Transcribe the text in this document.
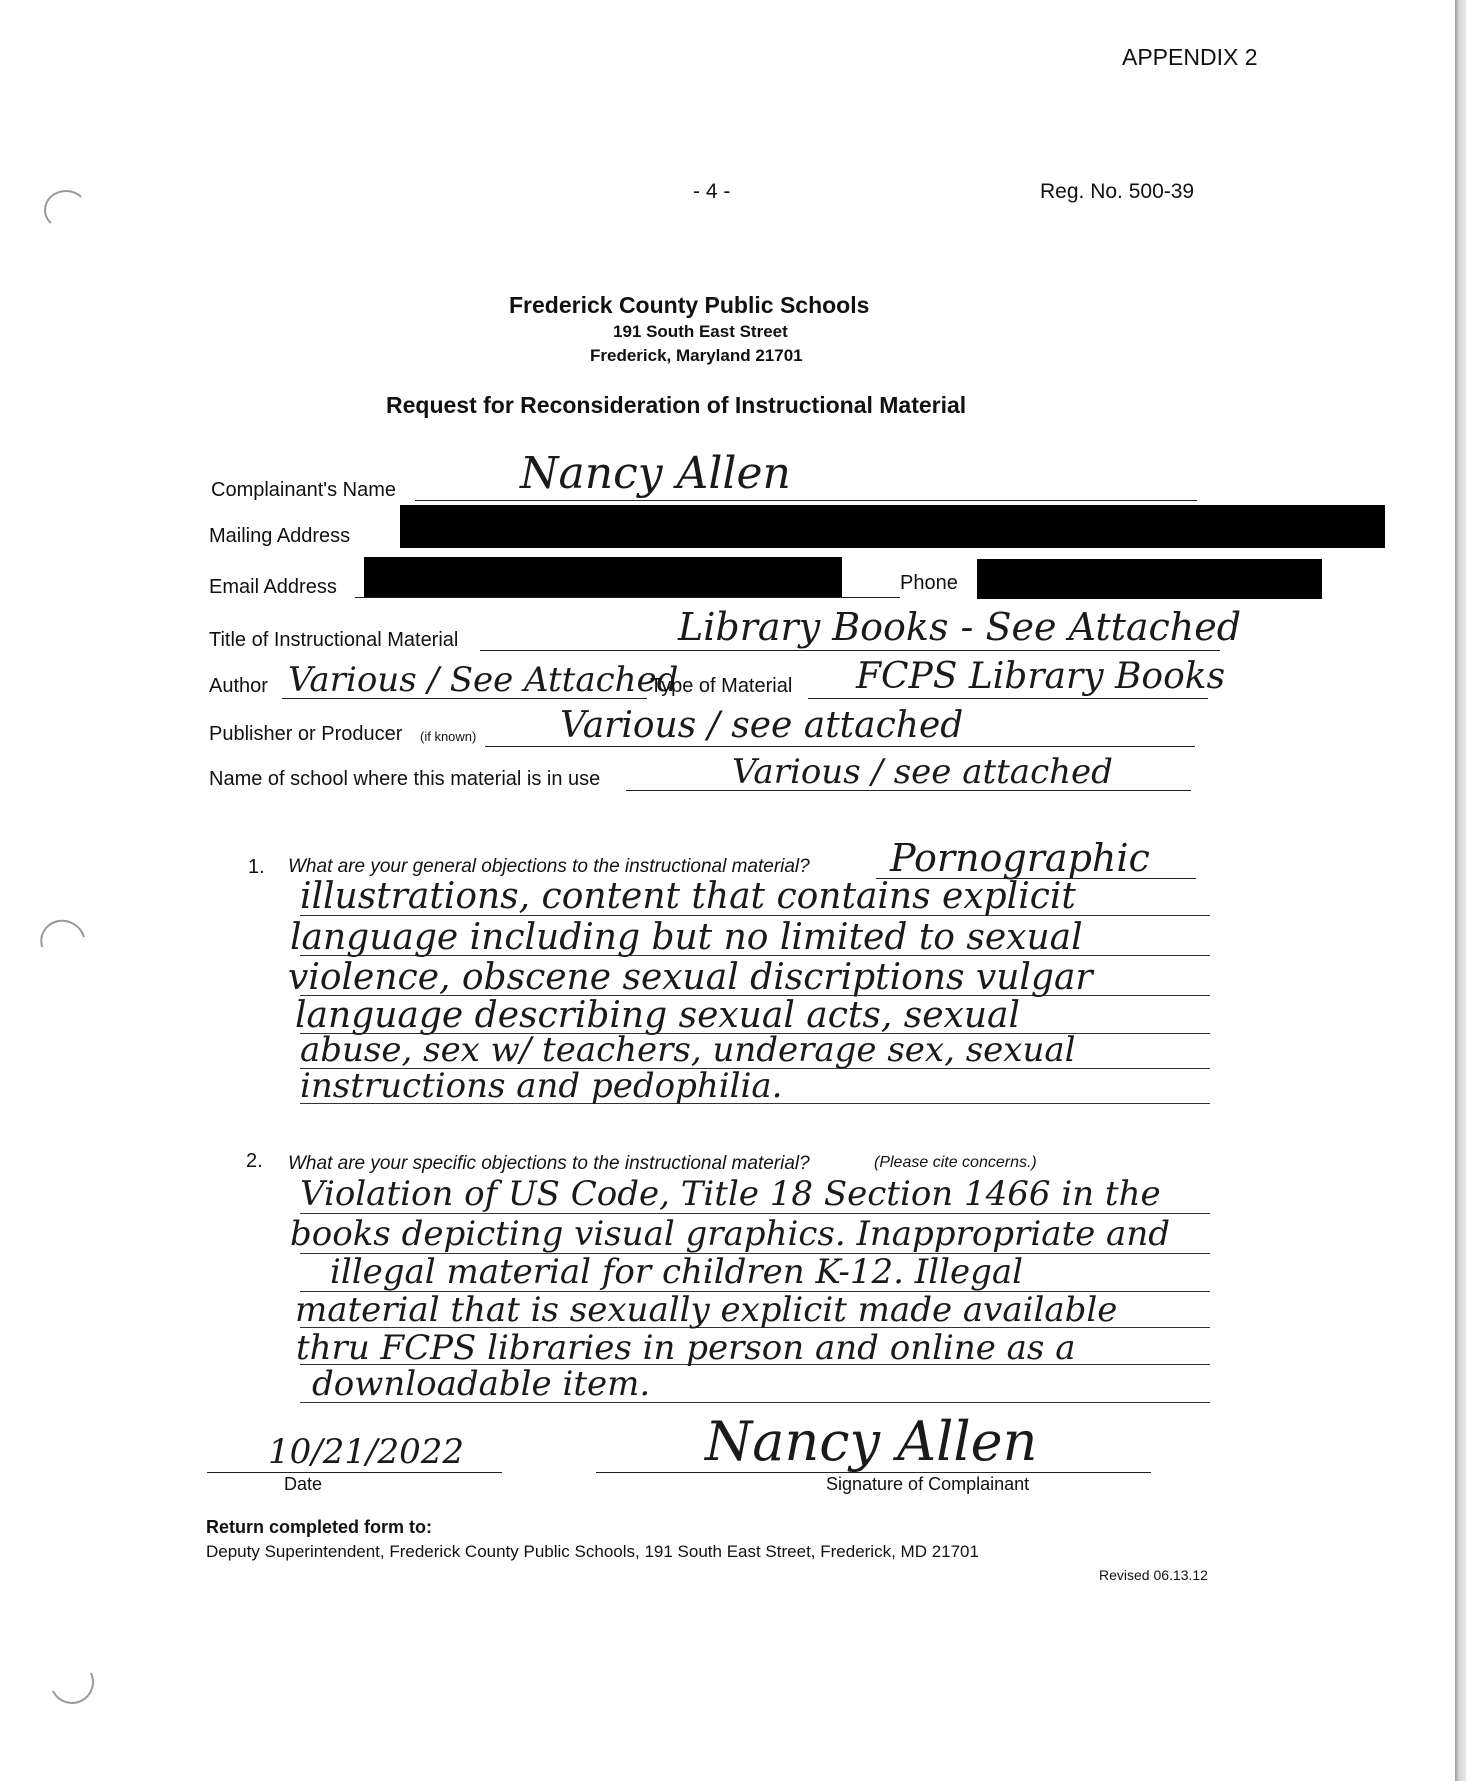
APPENDIX 2
- 4 -	Reg. No. 500-39
Frederick County Public Schools
191 South East Street
Frederick, Maryland 21701
Request for Reconsideration of Instructional Material
Complainant's Name	Nancy Allen
Mailing Address
Email Address	Phone
Title of Instructional Material	Library Books - See Attached
Author Various / See Attached
Type of Material FCPS Library Books
Publisher or Producer (if known) Various / see attached
Name of school where this material is in use	Various / see attached
1. What are your general objections to the instructional material? Pornographic
illustrations, content that contains explicit
language including but no limited to sexual
violence, obscene sexual discriptions vulgar
language describing sexual acts, sexual
abuse, sex w/ teachers, underage sex, sexual
instructions and pedophilia.
2. What are your specific objections to the instructional material?	(Please cite concerns.)
Violation of US Code, Title 18 Section 1466 in the
books depicting visual graphics. Inappropriate and
illegal material for children K-12. Illegal
material that is sexually explicit made available
thru FCPS libraries in person and online as a
downloadable item.
10/21/2022
Date
Nancy Allen
Signature of Complainant
Return completed form to:
Deputy Superintendent, Frederick County Public Schools, 191 South East Street, Frederick, MD 21701
Revised 06.13.12
